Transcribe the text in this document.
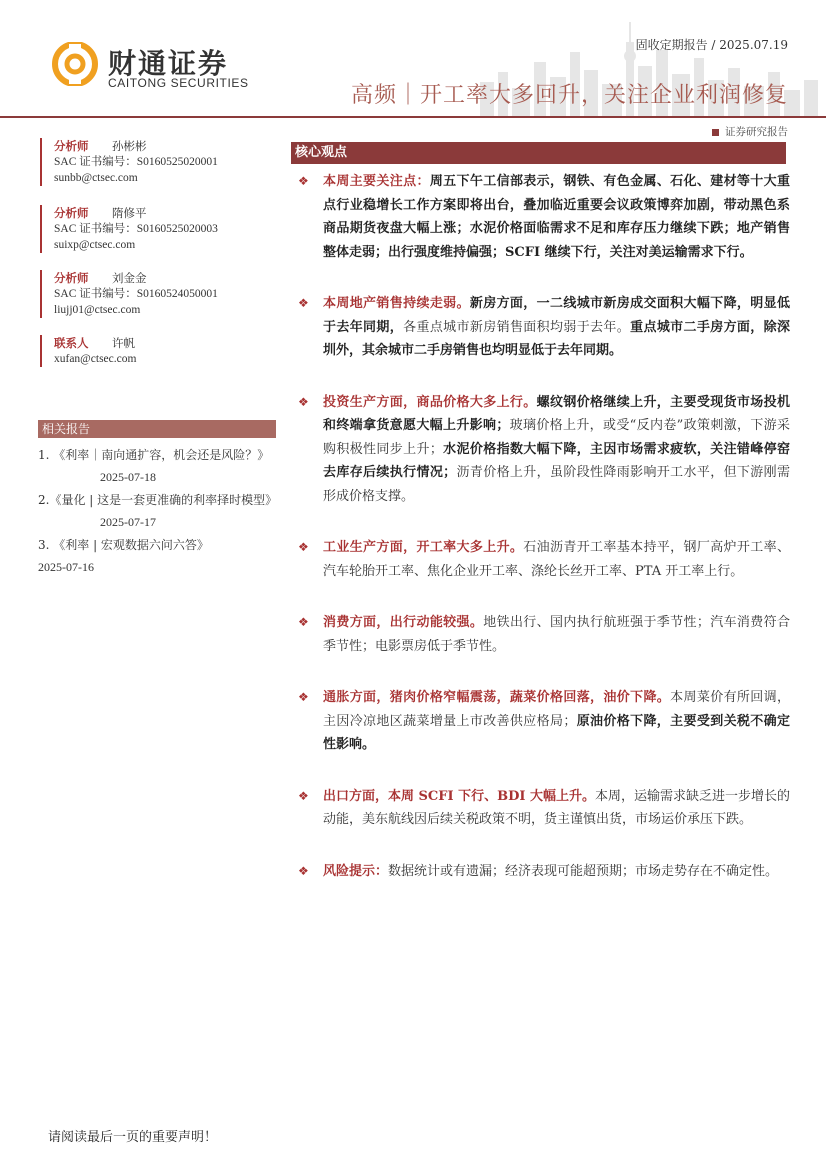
财通证券
CAITONG SECURITIES
固收定期报告 / 2025.07.19
高频｜开工率大多回升，关注企业利润修复
证券研究报告
分析师	孙彬彬
SAC 证书编号：S0160525020001
sunbb@ctsec.com
分析师	隋修平
SAC 证书编号：S0160525020003
suixp@ctsec.com
分析师	刘金金
SAC 证书编号：S0160524050001
liujj01@ctsec.com
联系人	许帆
xufan@ctsec.com
相关报告
1. 《利率｜南向通扩容，机会还是风险？》
2025-07-18
2.《量化 | 这是一套更准确的利率择时模型》
2025-07-17
3. 《利率 | 宏观数据六问六答》
2025-07-16
核心观点
❖ 本周主要关注点：周五下午工信部表示，钢铁、有色金属、石化、建材等十大重点行业稳增长工作方案即将出台，叠加临近重要会议政策博弈加剧，带动黑色系商品期货夜盘大幅上涨；水泥价格面临需求不足和库存压力继续下跌；地产销售整体走弱；出行强度维持偏强；SCFI 继续下行，关注对美运输需求下行。
❖ 本周地产销售持续走弱。新房方面，一二线城市新房成交面积大幅下降，明显低于去年同期，各重点城市新房销售面积均弱于去年。重点城市二手房方面，除深圳外，其余城市二手房销售也均明显低于去年同期。
❖ 投资生产方面，商品价格大多上行。螺纹钢价格继续上升，主要受现货市场投机和终端拿货意愿大幅上升影响；玻璃价格上升，或受“反内卷”政策刺激，下游采购积极性同步上升；水泥价格指数大幅下降，主因市场需求疲软，关注错峰停窑去库存后续执行情况；沥青价格上升，虽阶段性降雨影响开工水平，但下游刚需形成价格支撑。
❖ 工业生产方面，开工率大多上升。石油沥青开工率基本持平，钢厂高炉开工率、汽车轮胎开工率、焦化企业开工率、涤纶长丝开工率、PTA 开工率上行。
❖ 消费方面，出行动能较强。地铁出行、国内执行航班强于季节性；汽车消费符合季节性；电影票房低于季节性。
❖ 通胀方面，猪肉价格窄幅震荡，蔬菜价格回落，油价下降。本周菜价有所回调，主因冷凉地区蔬菜增量上市改善供应格局；原油价格下降，主要受到关税不确定性影响。
❖ 出口方面，本周 SCFI 下行、BDI 大幅上升。本周，运输需求缺乏进一步增长的动能，美东航线因后续关税政策不明，货主谨慎出货，市场运价承压下跌。
❖ 风险提示：数据统计或有遗漏；经济表现可能超预期；市场走势存在不确定性。
请阅读最后一页的重要声明！
